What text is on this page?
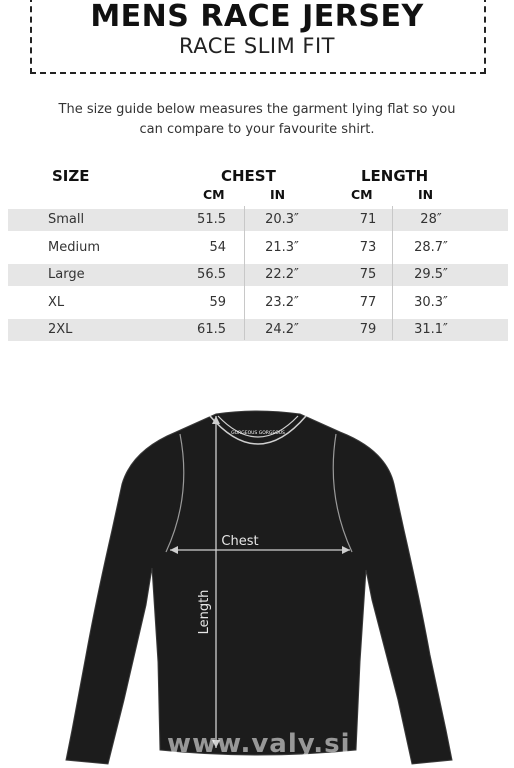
MENS RACE JERSEY
RACE SLIM FIT
The size guide below measures the garment lying flat so you
can compare to your favourite shirt.
SIZE	CHEST	LENGTH
CM	IN	CM	IN
Small	51.5	20.3″	71	28″
Medium	54	21.3″	73	28.7″
Large	56.5	22.2″	75	29.5″
XL	59	23.2″	77	30.3″
2XL	61.5	24.2″	79	31.1″
GORGEOUS GORGEOUS
Chest
Length
© www.valy.si
